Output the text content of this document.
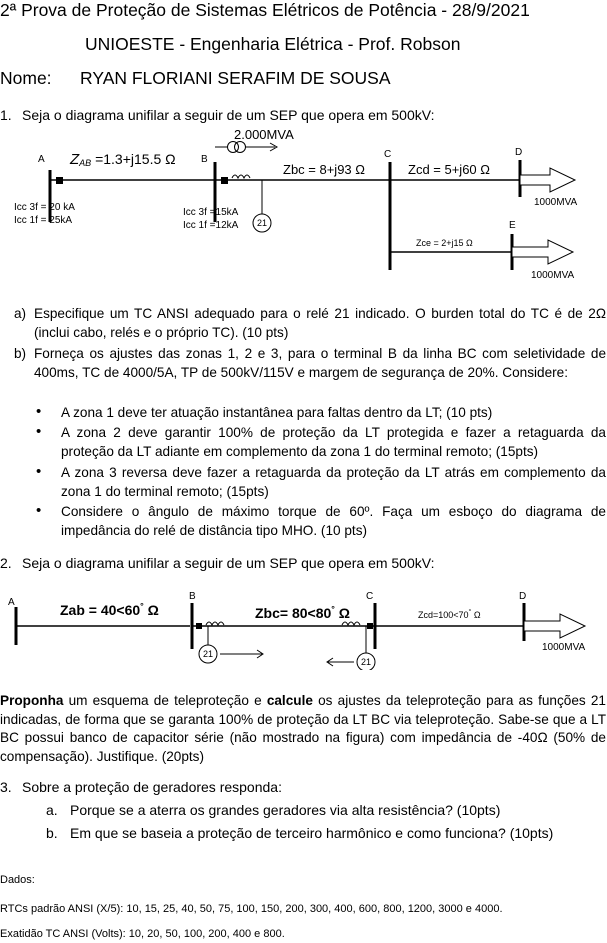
2ª Prova de Proteção de Sistemas Elétricos de Potência - 28/9/2021
UNIOESTE - Engenharia Elétrica - Prof. Robson
Nome: RYAN FLORIANI SERAFIM DE SOUSA
1. Seja o diagrama unifilar a seguir de um SEP que opera em 500kV:
A ZAB =1.3+j15.5 Ω
Icc 3f = 20 kA
Icc 1f = 25kA
B
2.000MVA
21
Icc 3f =15kA
Icc 1f =12kA
Zbc = 8+j93 Ω
C
Zcd = 5+j60 Ω
D
1000MVA
Zce = 2+j15 Ω
E
1000MVA
a) Especifique um TC ANSI adequado para o relé 21 indicado. O burden total do TC é de 2Ω (inclui cabo, relés e o próprio TC). (10 pts)
b) Forneça os ajustes das zonas 1, 2 e 3, para o terminal B da linha BC com seletividade de 400ms, TC de 4000/5A, TP de 500kV/115V e margem de segurança de 20%. Considere:
• A zona 1 deve ter atuação instantânea para faltas dentro da LT; (10 pts)
• A zona 2 deve garantir 100% de proteção da LT protegida e fazer a retaguarda da proteção da LT adiante em complemento da zona 1 do terminal remoto; (15pts)
• A zona 3 reversa deve fazer a retaguarda da proteção da LT atrás em complemento da zona 1 do terminal remoto; (15pts)
• Considere o ângulo de máximo torque de 60º. Faça um esboço do diagrama de impedância do relé de distância tipo MHO. (10 pts)
2. Seja o diagrama unifilar a seguir de um SEP que opera em 500kV:
A	Zab = 40<60° Ω
B
21
Zbc= 80<80° Ω
C
21
Zcd=100<70° Ω
D
1000MVA
Proponha um esquema de teleproteção e calcule os ajustes da teleproteção para as funções 21 indicadas, de forma que se garanta 100% de proteção da LT BC via teleproteção. Sabe-se que a LT BC possui banco de capacitor série (não mostrado na figura) com impedância de -40Ω (50% de compensação). Justifique. (20pts)
3. Sobre a proteção de geradores responda:
a. Porque se a aterra os grandes geradores via alta resistência? (10pts)
b. Em que se baseia a proteção de terceiro harmônico e como funciona? (10pts)
Dados:
RTCs padrão ANSI (X/5): 10, 15, 25, 40, 50, 75, 100, 150, 200, 300, 400, 600, 800, 1200, 3000 e 4000.
Exatidão TC ANSI (Volts): 10, 20, 50, 100, 200, 400 e 800.
